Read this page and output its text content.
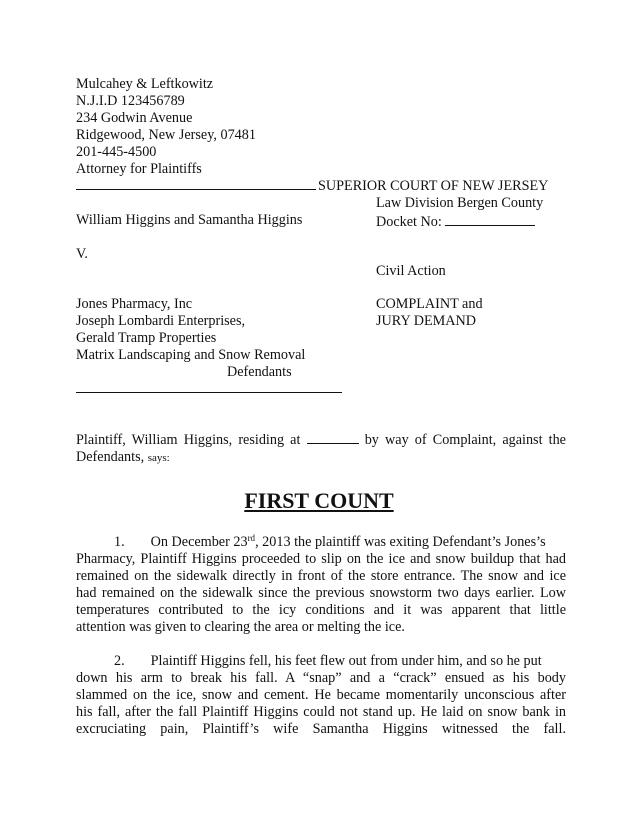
Mulcahey & Leftkowitz
N.J.I.D 123456789
234 Godwin Avenue
Ridgewood, New Jersey, 07481
201-445-4500
Attorney for Plaintiffs
SUPERIOR COURT OF NEW JERSEY
Law Division Bergen County
Docket No:
William Higgins and Samantha Higgins
V.
Civil Action
Jones Pharmacy, Inc
Joseph Lombardi Enterprises,
Gerald Tramp Properties
Matrix Landscaping and Snow Removal
Defendants
COMPLAINT and
JURY DEMAND
Plaintiff, William Higgins, residing at	by way of Complaint, against the
Defendants, says:
FIRST COUNT
1. On December 23rd, 2013 the plaintiff was exiting Defendant’s Jones’s
Pharmacy, Plaintiff Higgins proceeded to slip on the ice and snow buildup that had
remained on the sidewalk directly in front of the store entrance. The snow and ice
had remained on the sidewalk since the previous snowstorm two days earlier. Low
temperatures contributed to the icy conditions and it was apparent that little
attention was given to clearing the area or melting the ice.
2. Plaintiff Higgins fell, his feet flew out from under him, and so he put
down his arm to break his fall. A “snap” and a “crack” ensued as his body
slammed on the ice, snow and cement. He became momentarily unconscious after
his fall, after the fall Plaintiff Higgins could not stand up. He laid on snow bank in
excruciating pain, Plaintiff’s wife Samantha Higgins witnessed the fall.
